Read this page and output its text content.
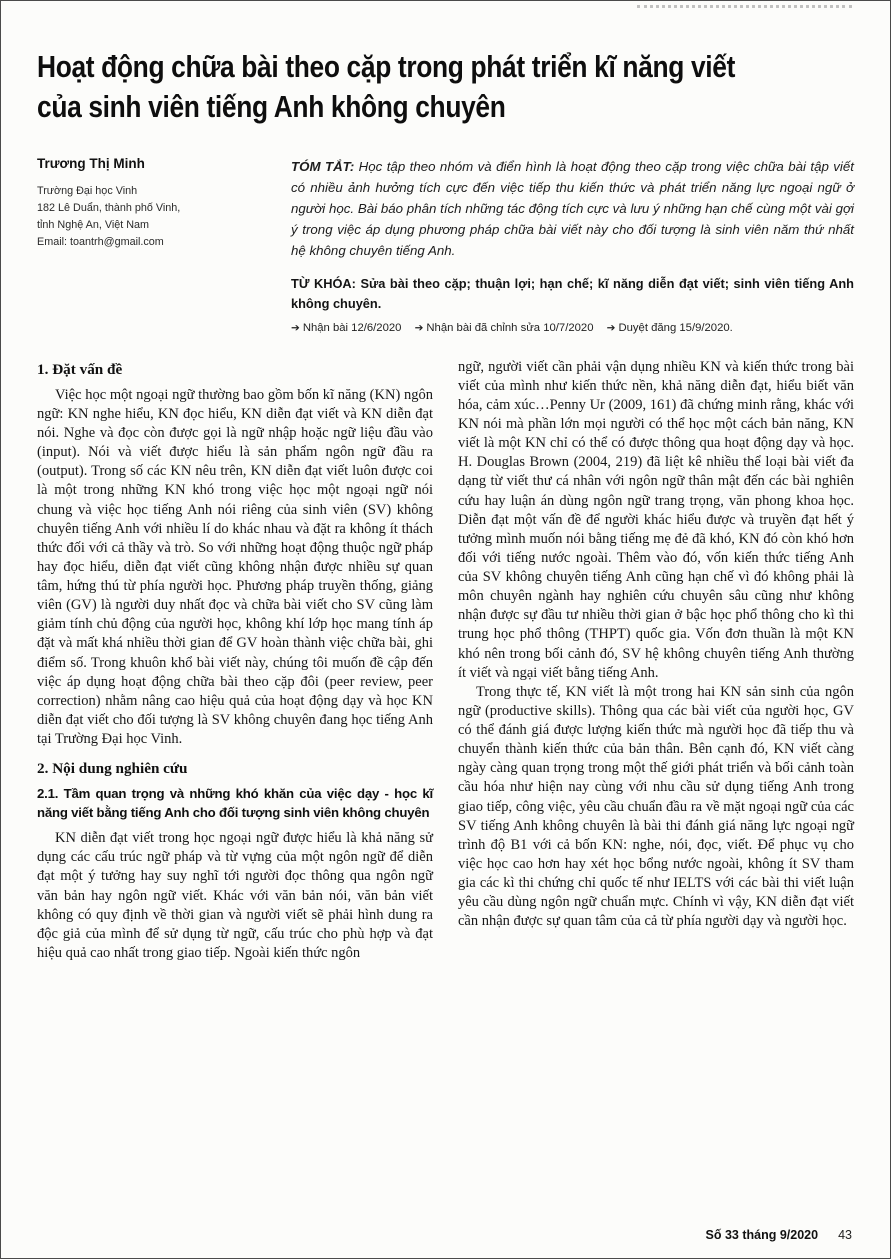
Hoạt động chữa bài theo cặp trong phát triển kĩ năng viết
của sinh viên tiếng Anh không chuyên
Trương Thị Minh
Trường Đại học Vinh
182 Lê Duẩn, thành phố Vinh,
tỉnh Nghệ An, Việt Nam
Email: toantrh@gmail.com

TÓM TẮT: Học tập theo nhóm và điển hình là hoạt động theo cặp trong việc chữa bài tập viết có nhiều ảnh hưởng tích cực đến việc tiếp thu kiến thức và phát triển năng lực ngoại ngữ ở người học. Bài báo phân tích những tác động tích cực và lưu ý những hạn chế cùng một vài gợi ý trong việc áp dụng phương pháp chữa bài viết này cho đối tượng là sinh viên năm thứ nhất hệ không chuyên tiếng Anh.

TỪ KHÓA: Sửa bài theo cặp; thuận lợi; hạn chế; kĩ năng diễn đạt viết; sinh viên tiếng Anh không chuyên.

➔ Nhận bài 12/6/2020 ➔ Nhận bài đã chỉnh sửa 10/7/2020 ➔ Duyệt đăng 15/9/2020.

1. Đặt vấn đề

Việc học một ngoại ngữ thường bao gồm bốn kĩ năng (KN) ngôn ngữ: KN nghe hiểu, KN đọc hiểu, KN diễn đạt viết và KN diễn đạt nói. Nghe và đọc còn được gọi là ngữ nhập hoặc ngữ liệu đầu vào (input). Nói và viết được hiểu là sản phẩm ngôn ngữ đầu ra (output). Trong số các KN nêu trên, KN diễn đạt viết luôn được coi là một trong những KN khó trong việc học một ngoại ngữ nói chung và việc học tiếng Anh nói riêng của sinh viên (SV) không chuyên tiếng Anh với nhiều lí do khác nhau và đặt ra không ít thách thức đối với cả thầy và trò. So với những hoạt động thuộc ngữ pháp hay đọc hiểu, diễn đạt viết cũng không nhận được nhiều sự quan tâm, hứng thú từ phía người học. Phương pháp truyền thống, giảng viên (GV) là người duy nhất đọc và chữa bài viết cho SV cũng làm giảm tính chủ động của người học, không khí lớp học mang tính áp đặt và mất khá nhiều thời gian để GV hoàn thành việc chữa bài, ghi điểm số. Trong khuôn khổ bài viết này, chúng tôi muốn đề cập đến việc áp dụng hoạt động chữa bài theo cặp đôi (peer review, peer correction) nhằm nâng cao hiệu quả của hoạt động dạy và học KN diễn đạt viết cho đối tượng là SV không chuyên đang học tiếng Anh tại Trường Đại học Vinh.

2. Nội dung nghiên cứu
2.1. Tầm quan trọng và những khó khăn của việc dạy - học kĩ năng viết bằng tiếng Anh cho đối tượng sinh viên không chuyên

KN diễn đạt viết trong học ngoại ngữ được hiểu là khả năng sử dụng các cấu trúc ngữ pháp và từ vựng của một ngôn ngữ để diễn đạt một ý tưởng hay suy nghĩ tới người đọc thông qua ngôn ngữ văn bản hay ngôn ngữ viết. Khác với văn bản nói, văn bản viết không có quy định về thời gian và người viết sẽ phải hình dung ra độc giả của mình để sử dụng từ ngữ, cấu trúc cho phù hợp và đạt hiệu quả cao nhất trong giao tiếp. Ngoài kiến thức ngôn

ngữ, người viết cần phải vận dụng nhiều KN và kiến thức trong bài viết của mình như kiến thức nền, khả năng diễn đạt, hiểu biết văn hóa, cảm xúc…Penny Ur (2009, 161) đã chứng minh rằng, khác với KN nói mà phần lớn mọi người có thể học một cách bản năng, KN viết là một KN chỉ có thể có được thông qua hoạt động dạy và học. H. Douglas Brown (2004, 219) đã liệt kê nhiều thể loại bài viết đa dạng từ viết thư cá nhân với ngôn ngữ thân mật đến các bài nghiên cứu hay luận án dùng ngôn ngữ trang trọng, văn phong khoa học. Diễn đạt một vấn đề để người khác hiểu được và truyền đạt hết ý tưởng mình muốn nói bằng tiếng mẹ đẻ đã khó, KN đó còn khó hơn đối với tiếng nước ngoài. Thêm vào đó, vốn kiến thức tiếng Anh của SV không chuyên tiếng Anh cũng hạn chế vì đó không phải là môn chuyên ngành hay nghiên cứu chuyên sâu cũng như không nhận được sự đầu tư nhiều thời gian ở bậc học phổ thông cho kì thi trung học phổ thông (THPT) quốc gia. Vốn đơn thuần là một KN khó nên trong bối cảnh đó, SV hệ không chuyên tiếng Anh thường ít viết và ngại viết bằng tiếng Anh.

Trong thực tế, KN viết là một trong hai KN sản sinh của ngôn ngữ (productive skills). Thông qua các bài viết của người học, GV có thể đánh giá được lượng kiến thức mà người học đã tiếp thu và chuyển thành kiến thức của bản thân. Bên cạnh đó, KN viết càng ngày càng quan trọng trong một thế giới phát triển và bối cảnh toàn cầu hóa như hiện nay cùng với nhu cầu sử dụng tiếng Anh trong giao tiếp, công việc, yêu cầu chuẩn đầu ra về mặt ngoại ngữ của các SV tiếng Anh không chuyên là bài thi đánh giá năng lực ngoại ngữ trình độ B1 với cả bốn KN: nghe, nói, đọc, viết. Để phục vụ cho việc học cao hơn hay xét học bổng nước ngoài, không ít SV tham gia các kì thi chứng chỉ quốc tế như IELTS với các bài thi viết luận yêu cầu dùng ngôn ngữ chuẩn mực. Chính vì vậy, KN diễn đạt viết cần nhận được sự quan tâm của cả từ phía người dạy và người học.

Số 33 tháng 9/2020 43
